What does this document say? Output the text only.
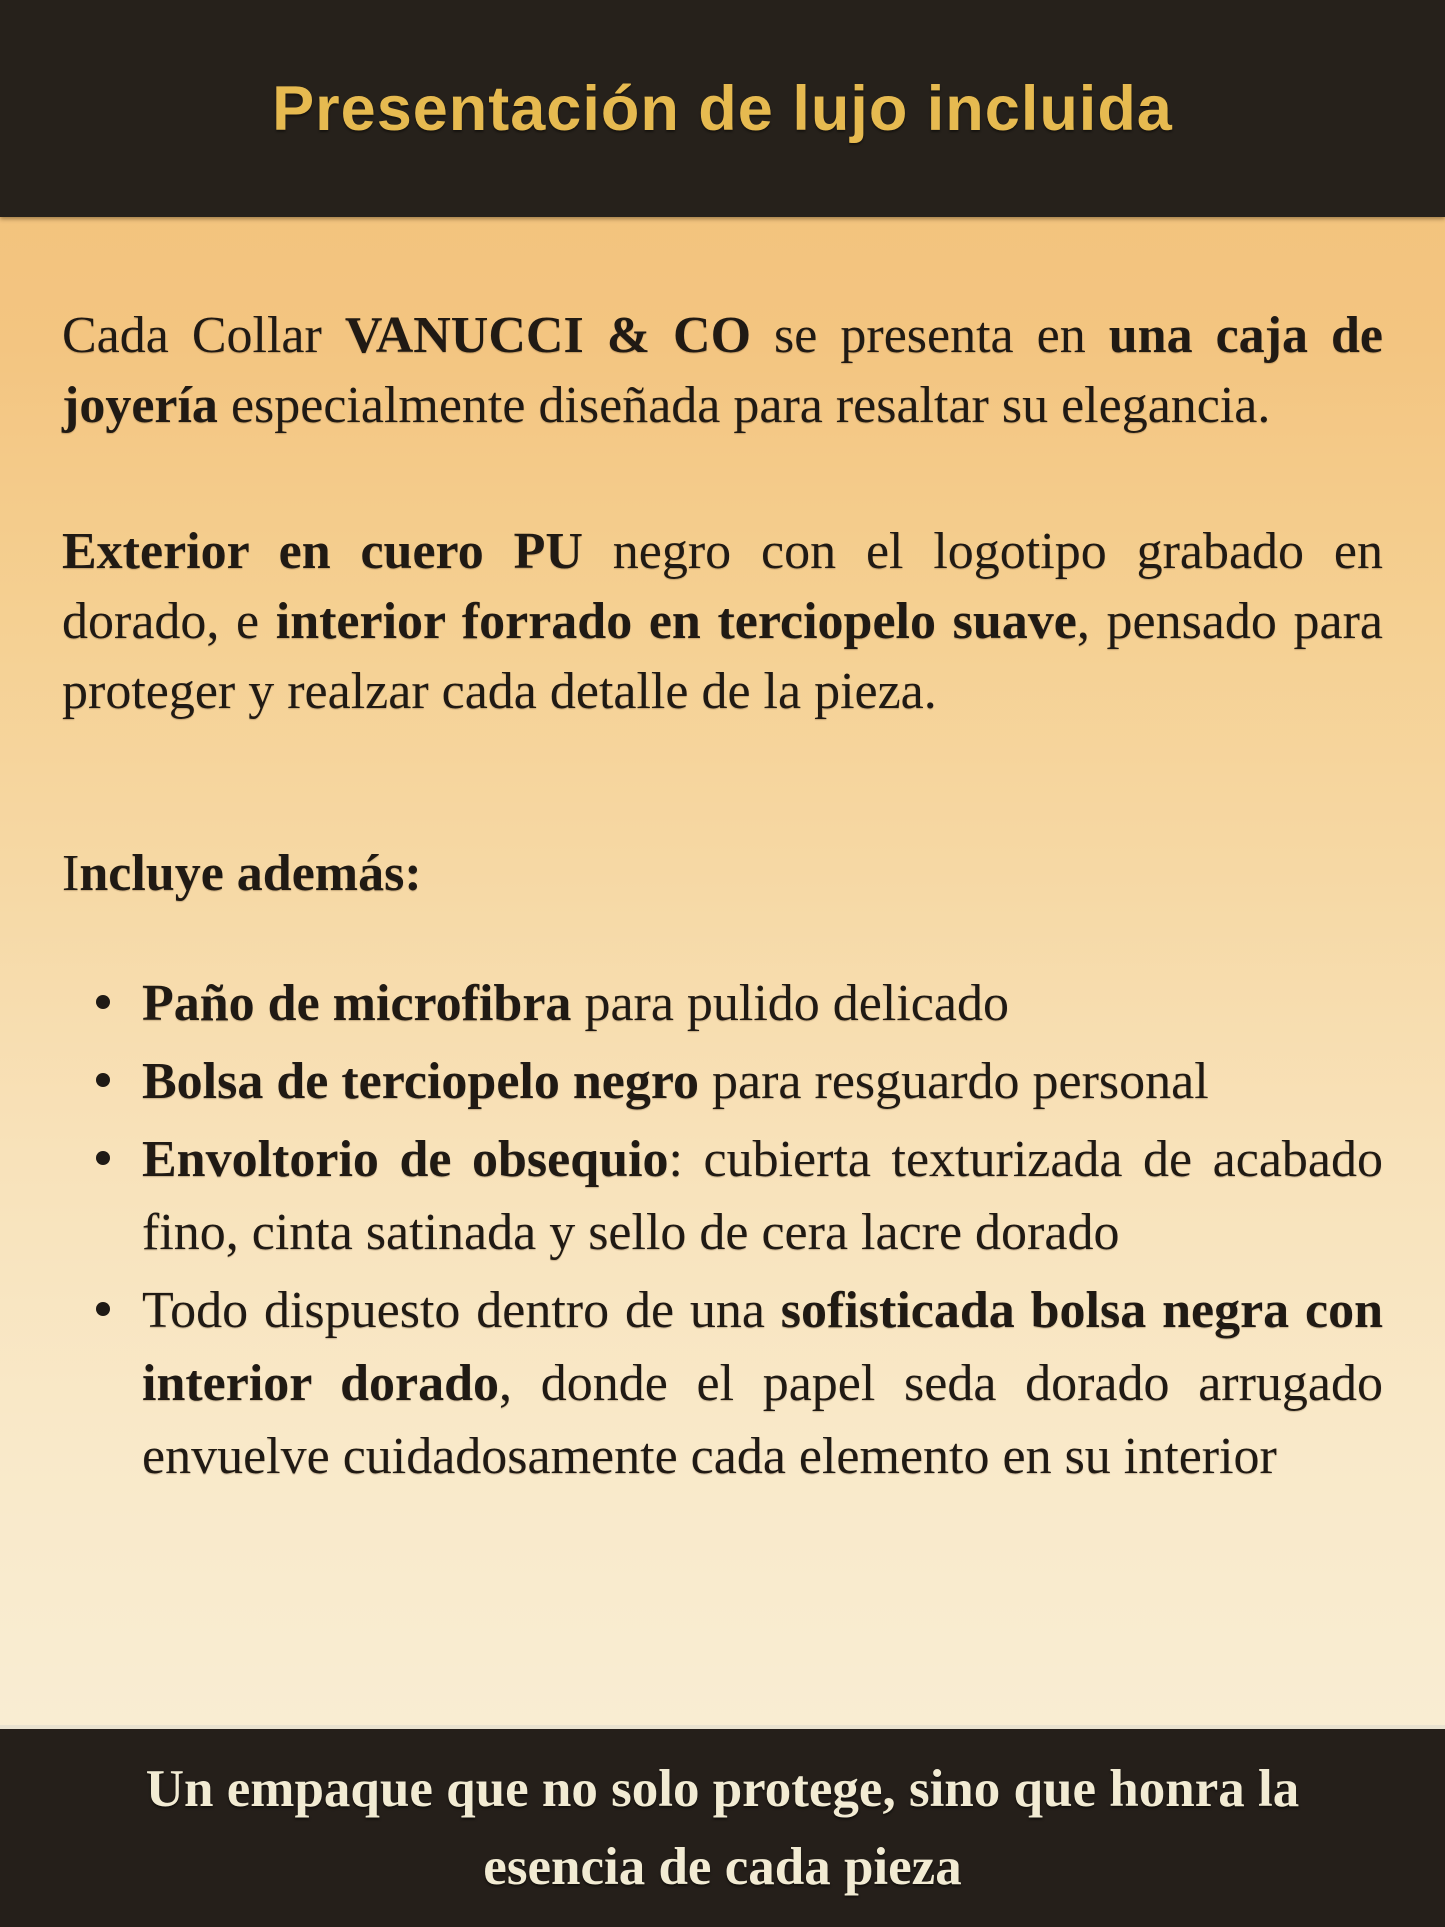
Presentación de lujo incluida

Cada Collar VANUCCI & CO se presenta en una caja de joyería especialmente diseñada para resaltar su elegancia.

Exterior en cuero PU negro con el logotipo grabado en dorado, e interior forrado en terciopelo suave, pensado para proteger y realzar cada detalle de la pieza.

Incluye además:

Paño de microfibra para pulido delicado
Bolsa de terciopelo negro para resguardo personal
Envoltorio de obsequio: cubierta texturizada de acabado fino, cinta satinada y sello de cera lacre dorado
Todo dispuesto dentro de una sofisticada bolsa negra con interior dorado, donde el papel seda dorado arrugado envuelve cuidadosamente cada elemento en su interior

Un empaque que no solo protege, sino que honra la esencia de cada pieza
